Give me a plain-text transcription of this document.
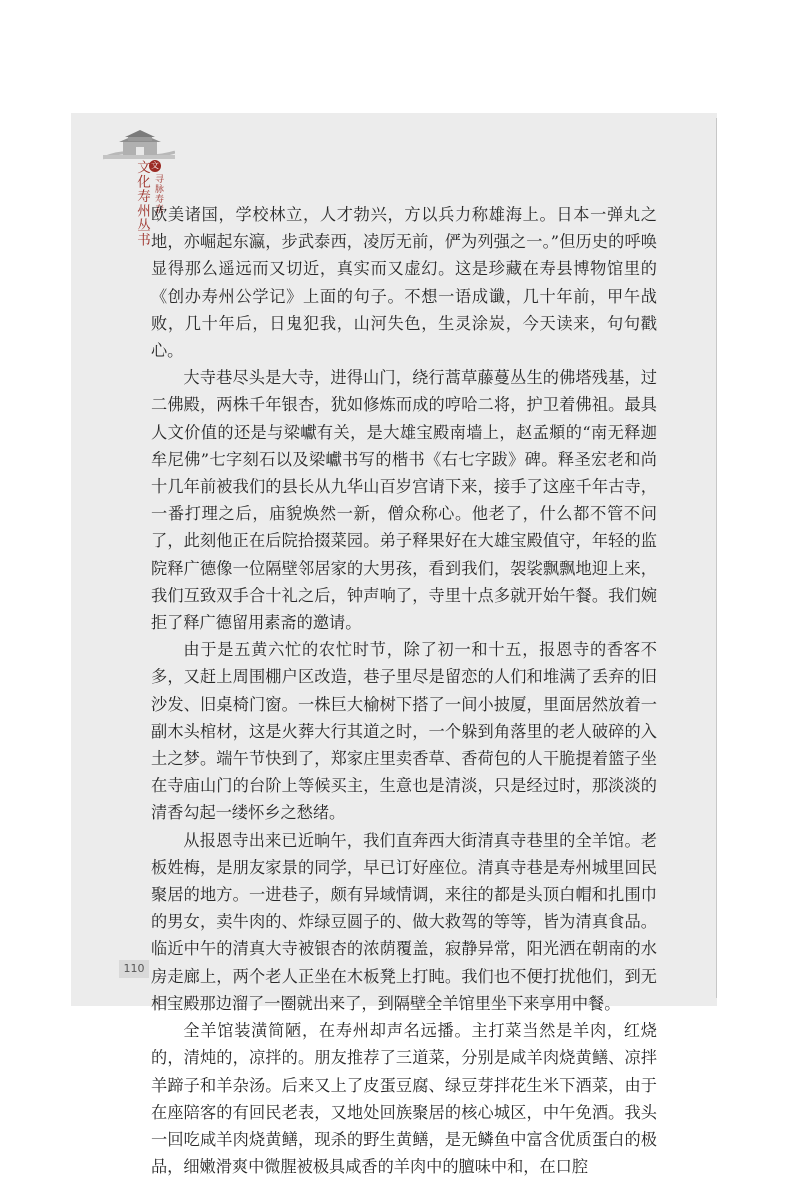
文
寻脉寿春
文化寿州丛书 欧美诸国，学校林立，人才勃兴，方以兵力称雄海上。日本一弹丸之地，亦崛起东瀛，步武泰西，凌厉无前，俨为列强之一。”但历史的呼唤显得那么遥远而又切近，真实而又虚幻。这是珍藏在寿县博物馆里的《创办寿州公学记》上面的句子。不想一语成谶，几十年前，甲午战败，几十年后，日鬼犯我，山河失色，生灵涂炭，今天读来，句句戳心。

大寺巷尽头是大寺，进得山门，绕行蒿草藤蔓丛生的佛塔残基，过二佛殿，两株千年银杏，犹如修炼而成的哼哈二将，护卫着佛祖。最具人文价值的还是与梁巘有关，是大雄宝殿南墙上，赵孟頫的“南无释迦牟尼佛”七字刻石以及梁巘书写的楷书《右七字跋》碑。释圣宏老和尚十几年前被我们的县长从九华山百岁宫请下来，接手了这座千年古寺，一番打理之后，庙貌焕然一新，僧众称心。他老了，什么都不管不问了，此刻他正在后院拾掇菜园。弟子释果好在大雄宝殿值守，年轻的监院释广德像一位隔壁邻居家的大男孩，看到我们，袈裟飘飘地迎上来，我们互致双手合十礼之后，钟声响了，寺里十点多就开始午餐。我们婉拒了释广德留用素斋的邀请。

由于是五黄六忙的农忙时节，除了初一和十五，报恩寺的香客不多，又赶上周围棚户区改造，巷子里尽是留恋的人们和堆满了丢弃的旧沙发、旧桌椅门窗。一株巨大榆树下搭了一间小披厦，里面居然放着一副木头棺材，这是火葬大行其道之时，一个躲到角落里的老人破碎的入土之梦。端午节快到了，郑家庄里卖香草、香荷包的人干脆提着篮子坐在寺庙山门的台阶上等候买主，生意也是清淡，只是经过时，那淡淡的清香勾起一缕怀乡之愁绪。

从报恩寺出来已近晌午，我们直奔西大街清真寺巷里的全羊馆。老板姓梅，是朋友家景的同学，早已订好座位。清真寺巷是寿州城里回民聚居的地方。一进巷子，颇有异域情调，来往的都是头顶白帽和扎围巾的男女，卖牛肉的、炸绿豆圆子的、做大救驾的等等，皆为清真食品。临近中午的清真大寺被银杏的浓荫覆盖，寂静异常，阳光洒在朝南的水房走廊上，两个老人正坐在木板凳上打盹。我们也不便打扰他们，到无相宝殿那边溜了一圈就出来了，到隔壁全羊馆里坐下来享用中餐。

全羊馆装潢简陋，在寿州却声名远播。主打菜当然是羊肉，红烧的，清炖的，凉拌的。朋友推荐了三道菜，分别是咸羊肉烧黄鳝、凉拌羊蹄子和羊杂汤。后来又上了皮蛋豆腐、绿豆芽拌花生米下酒菜，由于在座陪客的有回民老表，又地处回族聚居的核心城区，中午免酒。我头一回吃咸羊肉烧黄鳝，现杀的野生黄鳝，是无鳞鱼中富含优质蛋白的极品，细嫩滑爽中微腥被极具咸香的羊肉中的膻味中和，在口腔

110
